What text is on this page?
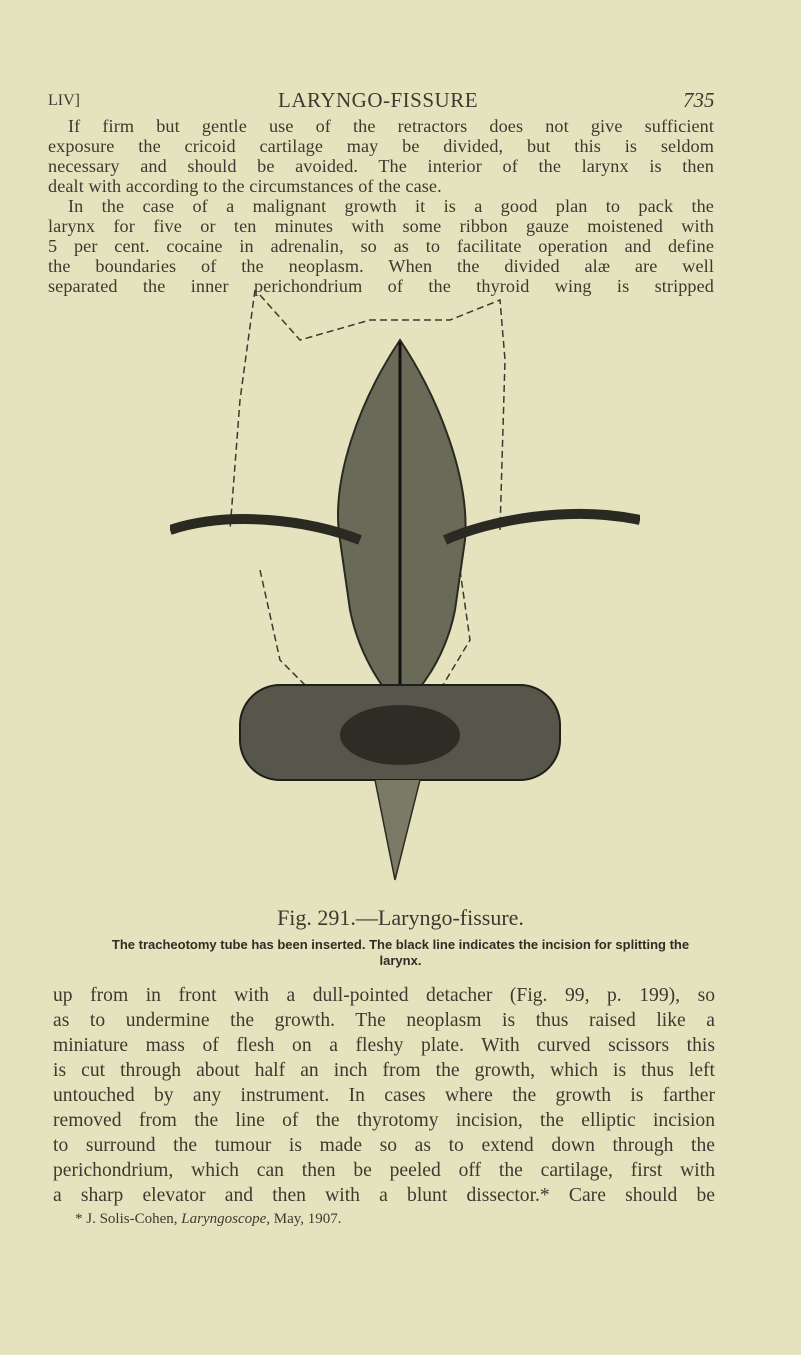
LIV]	LARYNGO-FISSURE	735
If firm but gentle use of the retractors does not give sufficient
exposure the cricoid cartilage may be divided, but this is seldom
necessary and should be avoided. The interior of the larynx is then
dealt with according to the circumstances of the case.
In the case of a malignant growth it is a good plan to pack the
larynx for five or ten minutes with some ribbon gauze moistened with
5 per cent. cocaine in adrenalin, so as to facilitate operation and define
the boundaries of the neoplasm. When the divided alæ are well
separated the inner perichondrium of the thyroid wing is stripped
Fig. 291.—Laryngo-fissure.
The tracheotomy tube has been inserted. The black line indicates the incision for splitting the
larynx.
up from in front with a dull-pointed detacher (Fig. 99, p. 199), so
as to undermine the growth. The neoplasm is thus raised like a
miniature mass of flesh on a fleshy plate. With curved scissors this
is cut through about half an inch from the growth, which is thus left
untouched by any instrument. In cases where the growth is farther
removed from the line of the thyrotomy incision, the elliptic incision
to surround the tumour is made so as to extend down through the
perichondrium, which can then be peeled off the cartilage, first with
a sharp elevator and then with a blunt dissector.* Care should be
* J. Solis-Cohen, Laryngoscope, May, 1907.
